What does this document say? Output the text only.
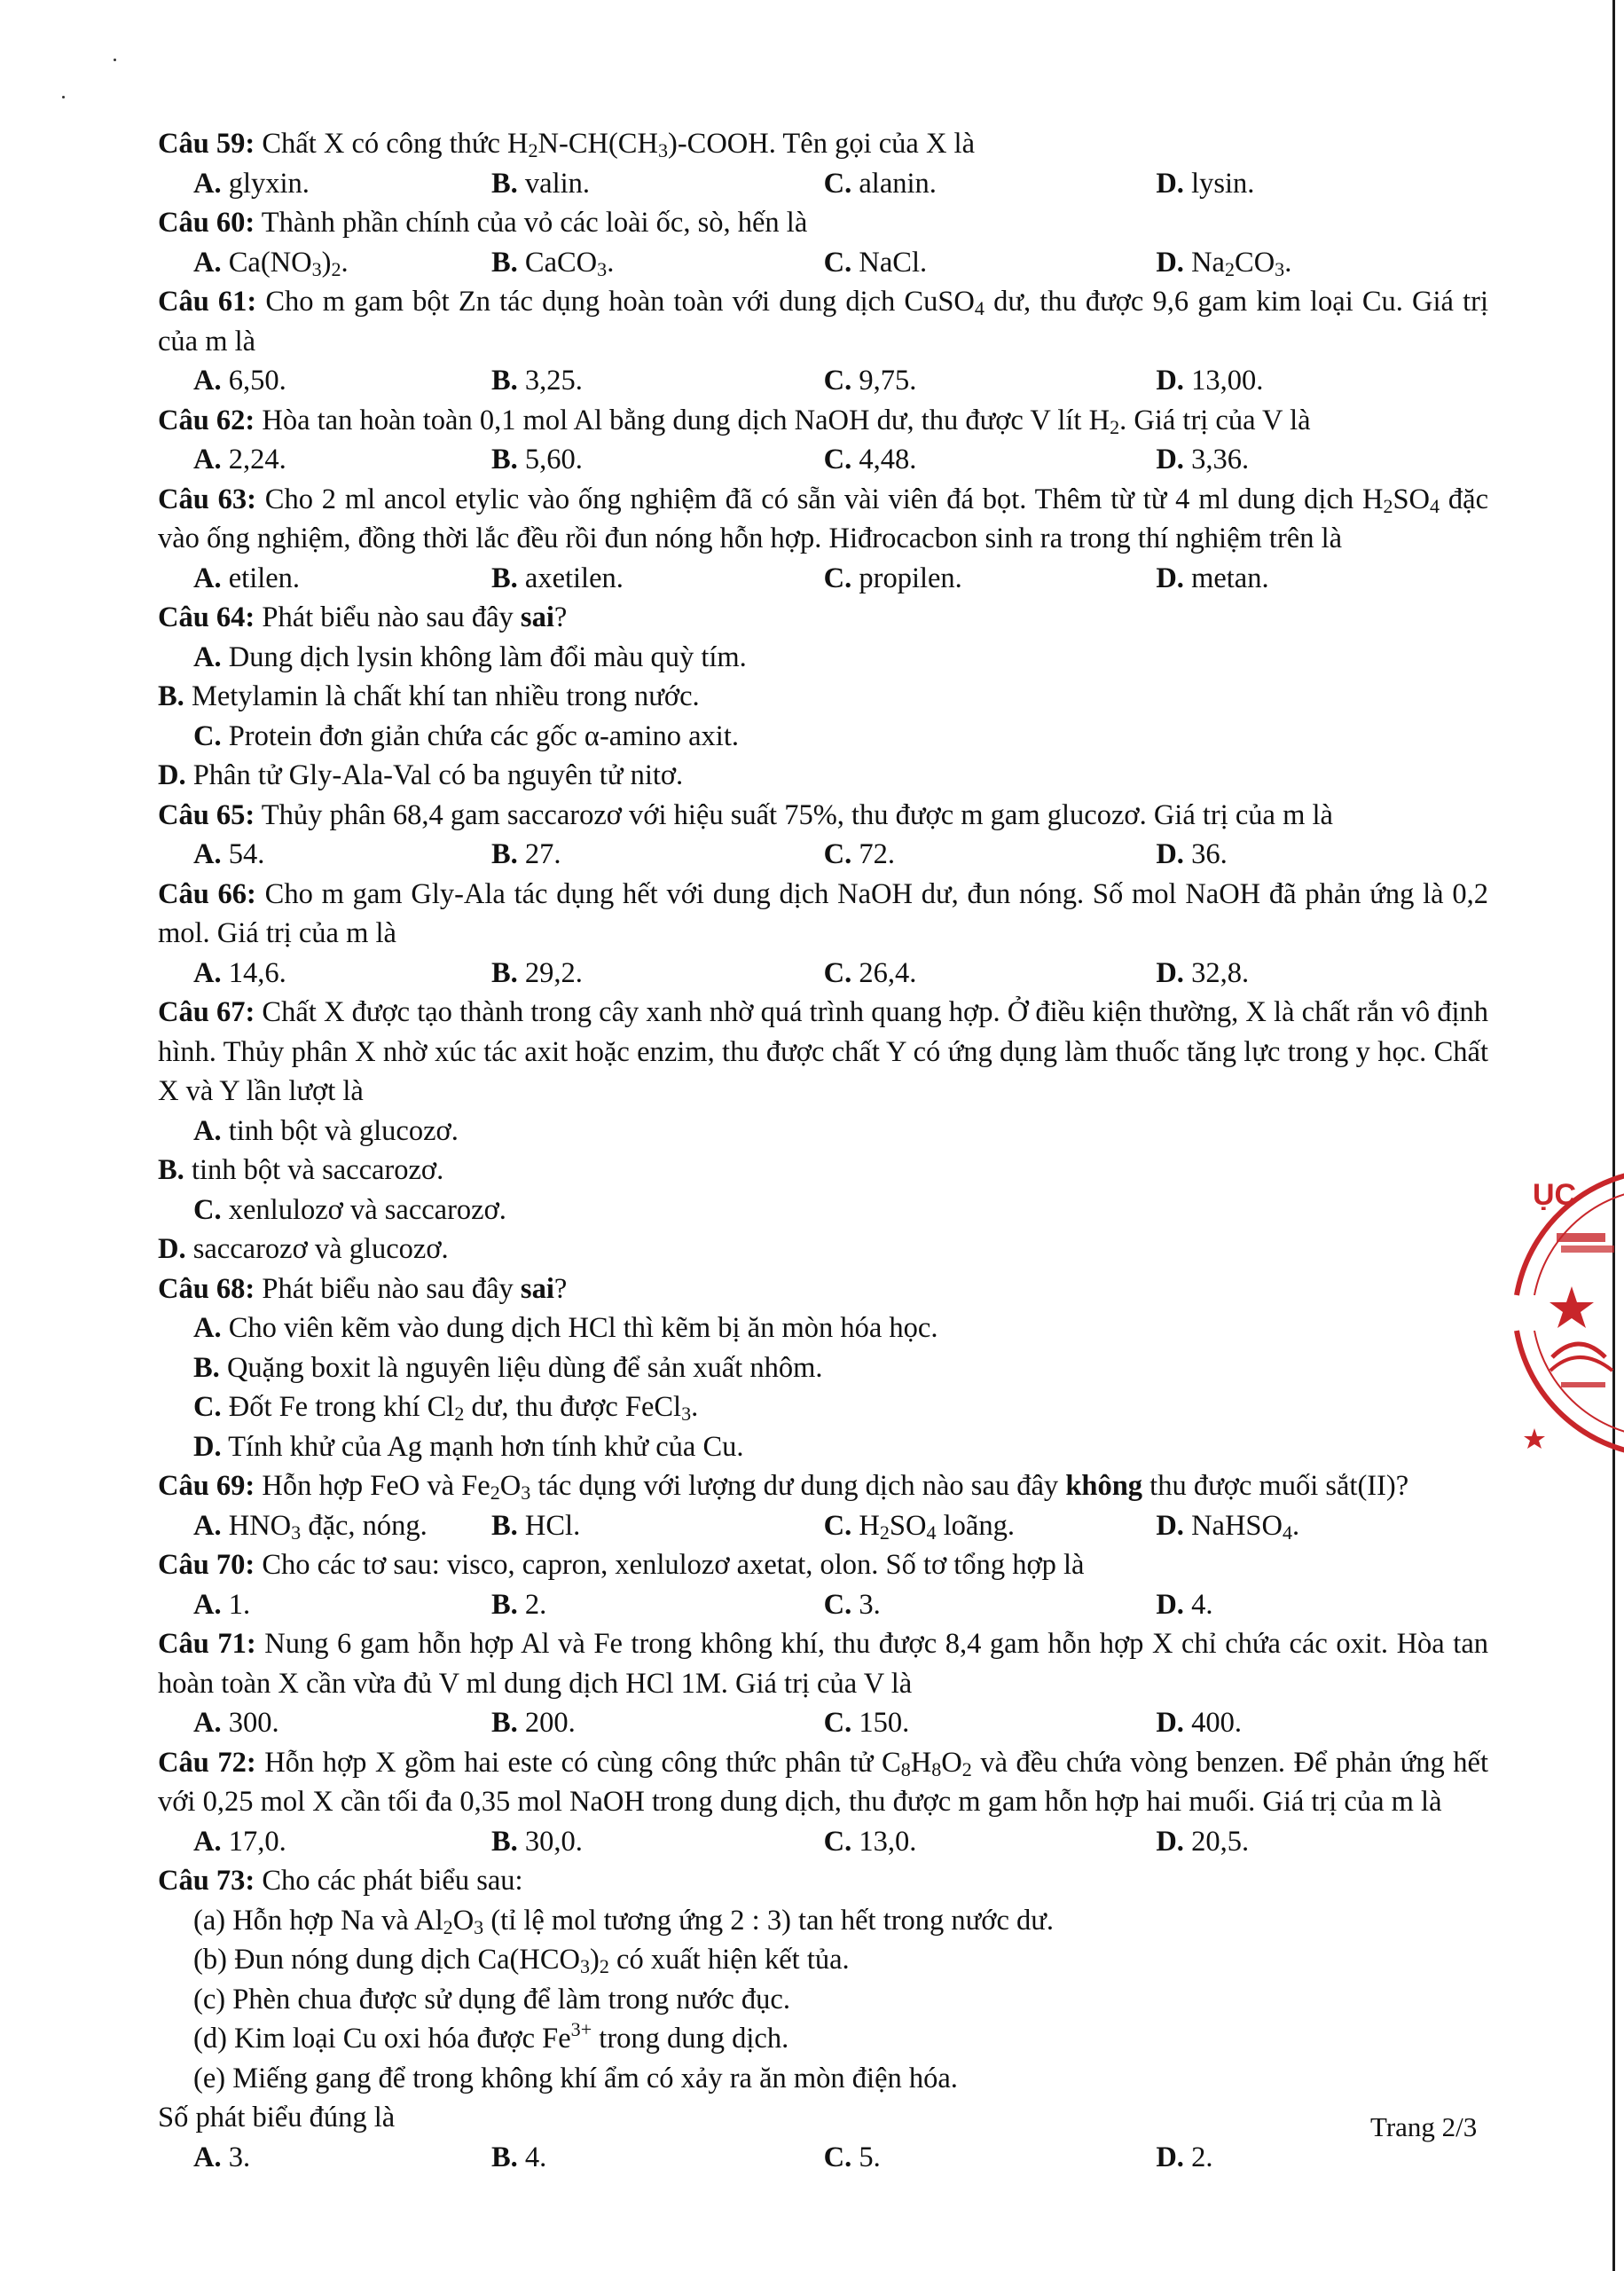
Câu 59: Chất X có công thức $H_2N-CH(CH_3)$-COOH. Tên gọi của X là
A. glyxin.	B. valin.	C. alanin.	D. lysin.
Câu 60: Thành phần chính của vỏ các loài ốc, sò, hến là
A. $Ca(NO_3)_2$.	B. CaCO$_3$.	C. NaCl.	D. $Na_2CO_3$.
Câu 61: Cho m gam bột Zn tác dụng hoàn toàn với dung dịch CuSO$_4$ dư, thu được 9,6 gam kim loại Cu. Giá trị của m là
A. 6,50.	B. 3,25.	C. 9,75.	D. 13,00.
Câu 62: Hòa tan hoàn toàn 0,1 mol Al bằng dung dịch NaOH dư, thu được V lít $H_2$. Giá trị của V là
A. 2,24.	B. 5,60.	C. 4,48.	D. 3,36.
Câu 63: Cho 2 ml ancol etylic vào ống nghiệm đã có sẵn vài viên đá bọt. Thêm từ từ 4 ml dung dịch $H_2SO_4$ đặc vào ống nghiệm, đồng thời lắc đều rồi đun nóng hỗn hợp. Hiđrocacbon sinh ra trong thí nghiệm trên là
A. etilen.	B. axetilen.	C. propilen.	D. metan.
Câu 64: Phát biểu nào sau đây sai?
A. Dung dịch lysin không làm đổi màu quỳ tím.
B. Metylamin là chất khí tan nhiều trong nước.
C. Protein đơn giản chứa các gốc α-amino axit.
D. Phân tử Gly-Ala-Val có ba nguyên tử nitơ.
Câu 65: Thủy phân 68,4 gam saccarozơ với hiệu suất 75%, thu được m gam glucozơ. Giá trị của m là
A. 54.	B. 27.	C. 72.	D. 36.
Câu 66: Cho m gam Gly-Ala tác dụng hết với dung dịch NaOH dư, đun nóng. Số mol NaOH đã phản ứng là 0,2 mol. Giá trị của m là
A. 14,6.	B. 29,2.	C. 26,4.	D. 32,8.
Câu 67: Chất X được tạo thành trong cây xanh nhờ quá trình quang hợp. Ở điều kiện thường, X là chất rắn vô định hình. Thủy phân X nhờ xúc tác axit hoặc enzim, thu được chất Y có ứng dụng làm thuốc tăng lực trong y học. Chất X và Y lần lượt là
A. tinh bột và glucozơ.
B. tinh bột và saccarozơ.
C. xenlulozơ và saccarozơ.
D. saccarozơ và glucozơ.
Câu 68: Phát biểu nào sau đây sai?
A. Cho viên kẽm vào dung dịch HCl thì kẽm bị ăn mòn hóa học.
B. Quặng boxit là nguyên liệu dùng để sản xuất nhôm.
C. Đốt Fe trong khí $Cl_2$ dư, thu được FeCl$_3$.
D. Tính khử của Ag mạnh hơn tính khử của Cu.
Câu 69: Hỗn hợp FeO và $Fe_2O_3$ tác dụng với lượng dư dung dịch nào sau đây không thu được muối sắt(II)?
A. $HNO_3$ đặc, nóng.	B. HCl.	C. $H_2SO_4$ loãng.	D. NaHSO$_4$.
Câu 70: Cho các tơ sau: visco, capron, xenlulozơ axetat, olon. Số tơ tổng hợp là
A. 1.	B. 2.	C. 3.	D. 4.
Câu 71: Nung 6 gam hỗn hợp Al và Fe trong không khí, thu được 8,4 gam hỗn hợp X chỉ chứa các oxit. Hòa tan hoàn toàn X cần vừa đủ V ml dung dịch HCl 1M. Giá trị của V là
A. 300.	B. 200.	C. 150.	D. 400.
Câu 72: Hỗn hợp X gồm hai este có cùng công thức phân tử $C_8H_8O_2$ và đều chứa vòng benzen. Để phản ứng hết với 0,25 mol X cần tối đa 0,35 mol NaOH trong dung dịch, thu được m gam hỗn hợp hai muối. Giá trị của m là
A. 17,0.	B. 30,0.	C. 13,0.	D. 20,5.
Câu 73: Cho các phát biểu sau:
(a) Hỗn hợp Na và $Al_2O_3$ (tỉ lệ mol tương ứng 2 : 3) tan hết trong nước dư.
(b) Đun nóng dung dịch $Ca(HCO_3)_2$ có xuất hiện kết tủa.
(c) Phèn chua được sử dụng để làm trong nước đục.
(d) Kim loại Cu oxi hóa được $Fe^{3+}$ trong dung dịch.
(e) Miếng gang để trong không khí ẩm có xảy ra ăn mòn điện hóa.
Số phát biểu đúng là
A. 3.	B. 4.	C. 5.	D. 2.
ỤC
Trang 2/3
